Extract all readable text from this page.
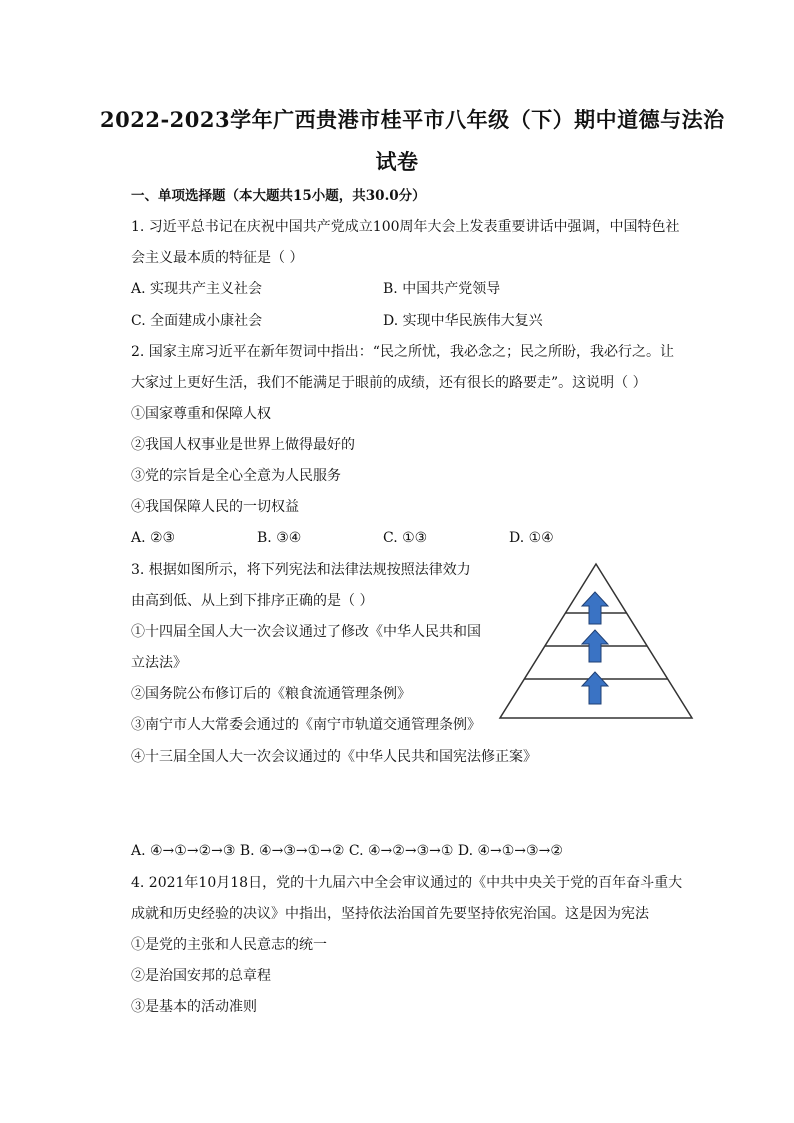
2022-2023学年广西贵港市桂平市八年级（下）期中道德与法治
试卷
一、单项选择题（本大题共15小题，共30.0分）
1. 习近平总书记在庆祝中国共产党成立100周年大会上发表重要讲话中强调，中国特色社
会主义最本质的特征是（ ）
A. 实现共产主义社会	B. 中国共产党领导
C. 全面建成小康社会	D. 实现中华民族伟大复兴
2. 国家主席习近平在新年贺词中指出：“民之所忧，我必念之；民之所盼，我必行之。让
大家过上更好生活，我们不能满足于眼前的成绩，还有很长的路要走”。这说明（ ）
①国家尊重和保障人权
②我国人权事业是世界上做得最好的
③党的宗旨是全心全意为人民服务
④我国保障人民的一切权益
A. ②③	B. ③④	C. ①③	D. ①④
3. 根据如图所示，将下列宪法和法律法规按照法律效力
由高到低、从上到下排序正确的是（ ）
①十四届全国人大一次会议通过了修改《中华人民共和国
立法法》
②国务院公布修订后的《粮食流通管理条例》
③南宁市人大常委会通过的《南宁市轨道交通管理条例》
④十三届全国人大一次会议通过的《中华人民共和国宪法修正案》
A. ④→①→②→③ B. ④→③→①→② C. ④→②→③→① D. ④→①→③→②
4. 2021年10月18日，党的十九届六中全会审议通过的《中共中央关于党的百年奋斗重大
成就和历史经验的决议》中指出，坚持依法治国首先要坚持依宪治国。这是因为宪法
①是党的主张和人民意志的统一
②是治国安邦的总章程
③是基本的活动准则
